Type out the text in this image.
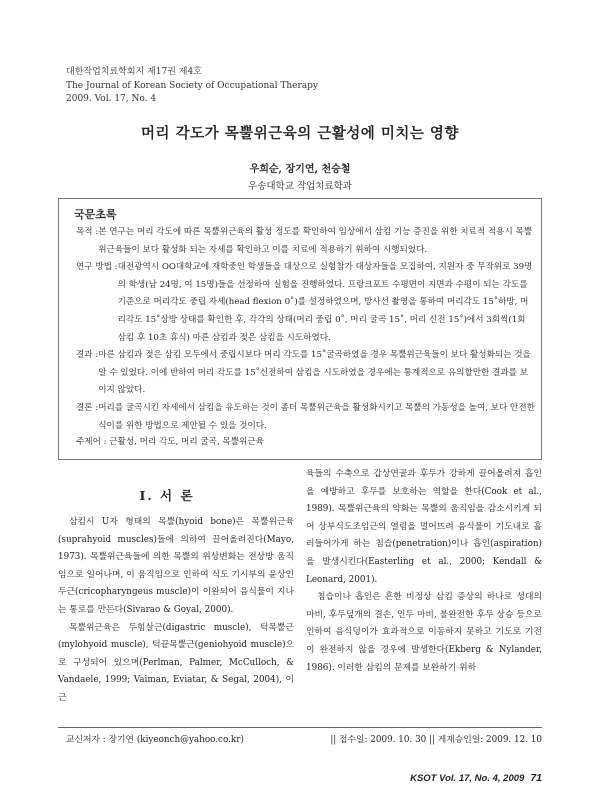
대한작업치료학회지 제17권 제4호
The Journal of Korean Society of Occupational Therapy
2009. Vol. 17, No. 4
머리 각도가 목뿔위근육의 근활성에 미치는 영향
우희순, 장기연, 천승철
우송대학교 작업치료학과
국문초록
목적 : 본 연구는 머리 각도에 따른 목뿔위근육의 활성 정도를 확인하여 임상에서 삼킴 기능 증진을 위한 치료적 적용시 목뿔위근육들이 보다 활성화 되는 자세를 확인하고 이를 치료에 적용하기 위하여 시행되었다.
연구 방법 : 대전광역시 OO대학교에 재학중인 학생들을 대상으로 실험참가 대상자들을 모집하여, 지원자 중 무작위로 39명의 학생(남 24명, 여 15명)들을 선정하여 실험을 진행하였다. 프랑크포트 수평면이 지면과 수평이 되는 각도를 기준으로 머리각도 중립 자세(head flexion 0˚)를 설정하였으며, 방사선 촬영을 통하여 머리각도 15˚하방, 머리각도 15˚상방 상태를 확인한 후, 각각의 상태(머리 중립 0˚, 머리 굴곡 15˚, 머리 신전 15˚)에서 3회씩(1회 삼킴 후 10초 휴식) 마른 삼킴과 젖은 삼킴을 시도하였다.
결과 : 마른 삼킴과 젖은 삼킴 모두에서 중립시보다 머리 각도를 15˚굴곡하였을 경우 목뿔위근육들이 보다 활성화되는 것을 알 수 있었다. 이에 반하여 머리 각도를 15˚신전하여 삼킴을 시도하였을 경우에는 통계적으로 유의할만한 결과를 보이지 않았다.
결론 : 머리를 굴곡시킨 자세에서 삼킴을 유도하는 것이 좀더 목뿔위근육을 활성화시키고 목뿔의 가동성을 높여, 보다 안전한 식이를 위한 방법으로 제안될 수 있을 것이다.
주제어 : 근활성, 머리 각도, 머리 굴곡, 목뿔위근육
Ⅰ. 서 론

삼킴시 U자 형태의 목뿔(hyoid bone)은 목뿔위근육(suprahyoid muscles)들에 의하여 끌어올려진다(Mayo, 1973). 목뿔위근육들에 의한 목뿔의 위상변화는 전상방 움직임으로 일어나며, 이 움직임으로 인하여 식도 기시부의 윤상인두근(cricopharyngeus muscle)이 이완되어 음식물이 지나는 통로를 만든다(Sivarao & Goyal, 2000).

목뿔위근육은 두힘살근(digastric muscle), 턱목뿔근(mylohyoid muscle), 턱끝목뿔근(geniohyoid muscle)으로 구성되어 있으며(Perlman, Palmer, McCulloch, & Vandaele, 1999; Vaiman, Eviatar, & Segal, 2004), 이 근

육들의 수축으로 갑상연골과 후두가 강하게 끌어올려져 흡인을 예방하고 후두를 보호하는 역할을 한다(Cook et al., 1989). 목뿔위근육의 약화는 목뿔의 움직임을 감소시키게 되어 상부식도조임근의 열림을 멀어뜨려 음식물이 기도내로 흘러들어가게 하는 침습(penetration)이나 흡인(aspiration)을 발생시킨다(Easterling et al., 2000; Kendall & Leonard, 2001).

침습이나 흡인은 흔한 비정상 삼킴 증상의 하나로 성대의 마비, 후두덮개의 결손, 인두 마비, 불완전한 후두 상승 등으로 인하여 음식덩이가 효과적으로 이동하지 못하고 기도로 기전이 완전하지 않을 경우에 발생한다(Ekberg & Nylander, 1986). 이러한 삼킴의 문제를 보완하기 위하

교신저자 : 장기연 (kiyeonch@yahoo.co.kr)	|| 접수일: 2009. 10. 30 || 게재승인일: 2009. 12. 10
KSOT Vol. 17, No. 4, 2009 71
